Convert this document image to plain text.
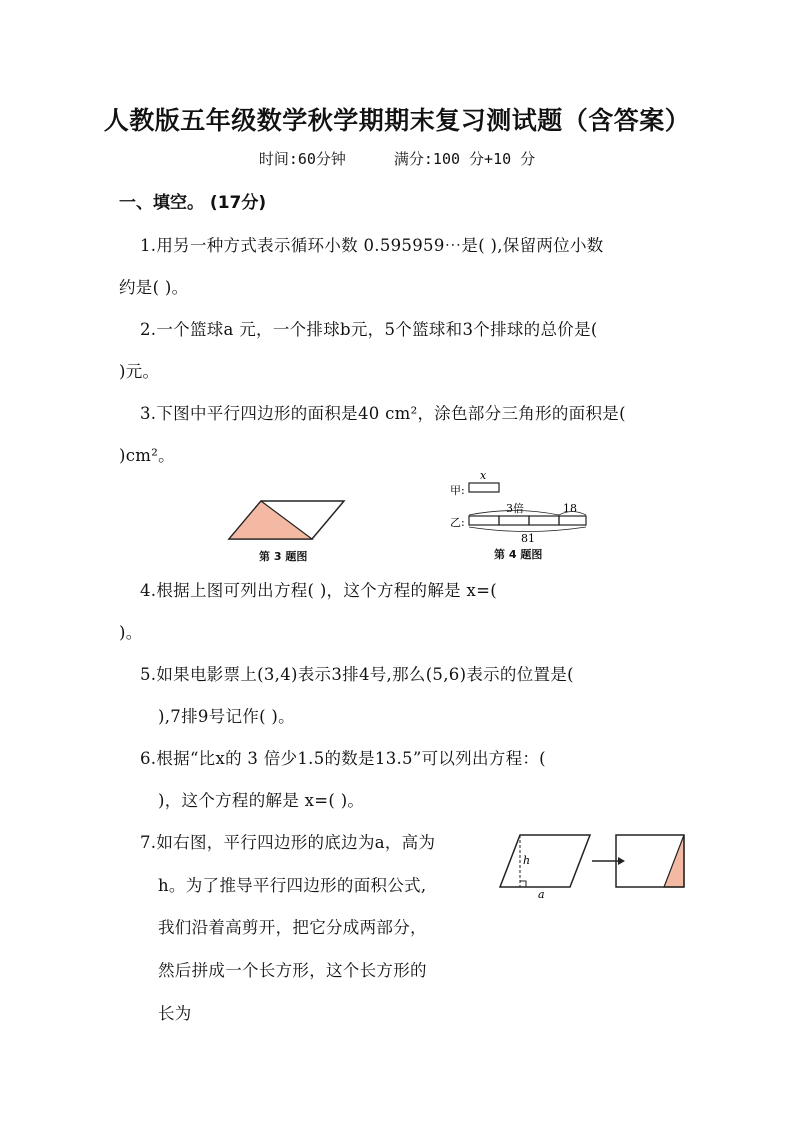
人教版五年级数学秋学期期末复习测试题（含答案）
时间:60分钟	满分:100 分+10 分
一、填空。 (17分)
1.用另一种方式表示循环小数 0.595959⋯是( ),保留两位小数
约是( )。
2.一个篮球a 元，一个排球b元，5个篮球和3个排球的总价是(
)元。
3.下图中平行四边形的面积是40 cm²，涂色部分三角形的面积是(
)cm²。
第 3 题图
甲:
x
3倍	18
乙:
81
第 4 题图
4.根据上图可列出方程( )，这个方程的解是 x=(
)。
5.如果电影票上(3,4)表示3排4号,那么(5,6)表示的位置是(
),7排9号记作( )。
6.根据“比x的 3 倍少1.5的数是13.5”可以列出方程：(
)，这个方程的解是 x=( )。
7.如右图，平行四边形的底边为a，高为
h。为了推导平行四边形的面积公式,
我们沿着高剪开，把它分成两部分，
然后拼成一个长方形，这个长方形的
长为
h
a
